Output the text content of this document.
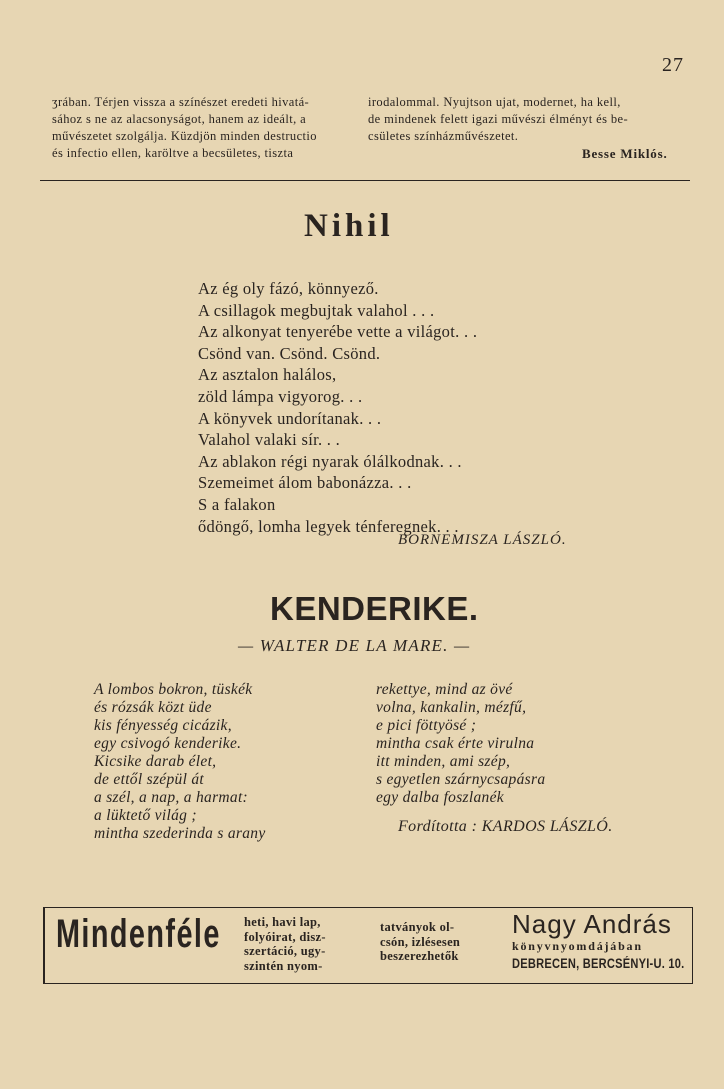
27
ʒrában. Térjen vissza a színészet eredeti hivatá-
sához s ne az alacsonyságot, hanem az ideált, a
művészetet szolgálja. Küzdjön minden destructio
és infectio ellen, karöltve a becsületes, tiszta
irodalommal. Nyujtson ujat, modernet, ha kell,
de mindenek felett igazi művészi élményt és be-
csületes színházművészetet.
Besse Miklós.
Nihil
Az ég oly fázó, könnyező.
A csillagok megbujtak valahol . . .
Az alkonyat tenyerébe vette a világot. . .
Csönd van. Csönd. Csönd.
Az asztalon halálos,
zöld lámpa vigyorog. . .
A könyvek undorítanak. . .
Valahol valaki sír. . .
Az ablakon régi nyarak ólálkodnak. . .
Szemeimet álom babonázza. . .
S a falakon
ődöngő, lomha legyek ténferegnek. . .
BORNEMISZA LÁSZLÓ.
KENDERIKE.
— WALTER DE LA MARE. —
A lombos bokron, tüskék
és rózsák közt üde
kis fényesség cicázik,
egy csivogó kenderike.
Kicsike darab élet,
de ettől szépül át
a szél, a nap, a harmat:
a lüktető világ ;
mintha szederinda s arany
rekettye, mind az övé
volna, kankalin, mézfű,
e pici föttyösé ;
mintha csak érte virulna
itt minden, ami szép,
s egyetlen szárnycsapásra
egy dalba foszlanék
Fordította : KARDOS LÁSZLÓ.
Mindenféle heti, havi lap,
folyóirat, disz-
szertáció, ugy-
szintén nyom-
tatványok ol-
csón, izlésesen
beszerezhetők
Nagy András
könyvnyomdájában
DEBRECEN, BERCSÉNYI-U. 10.
